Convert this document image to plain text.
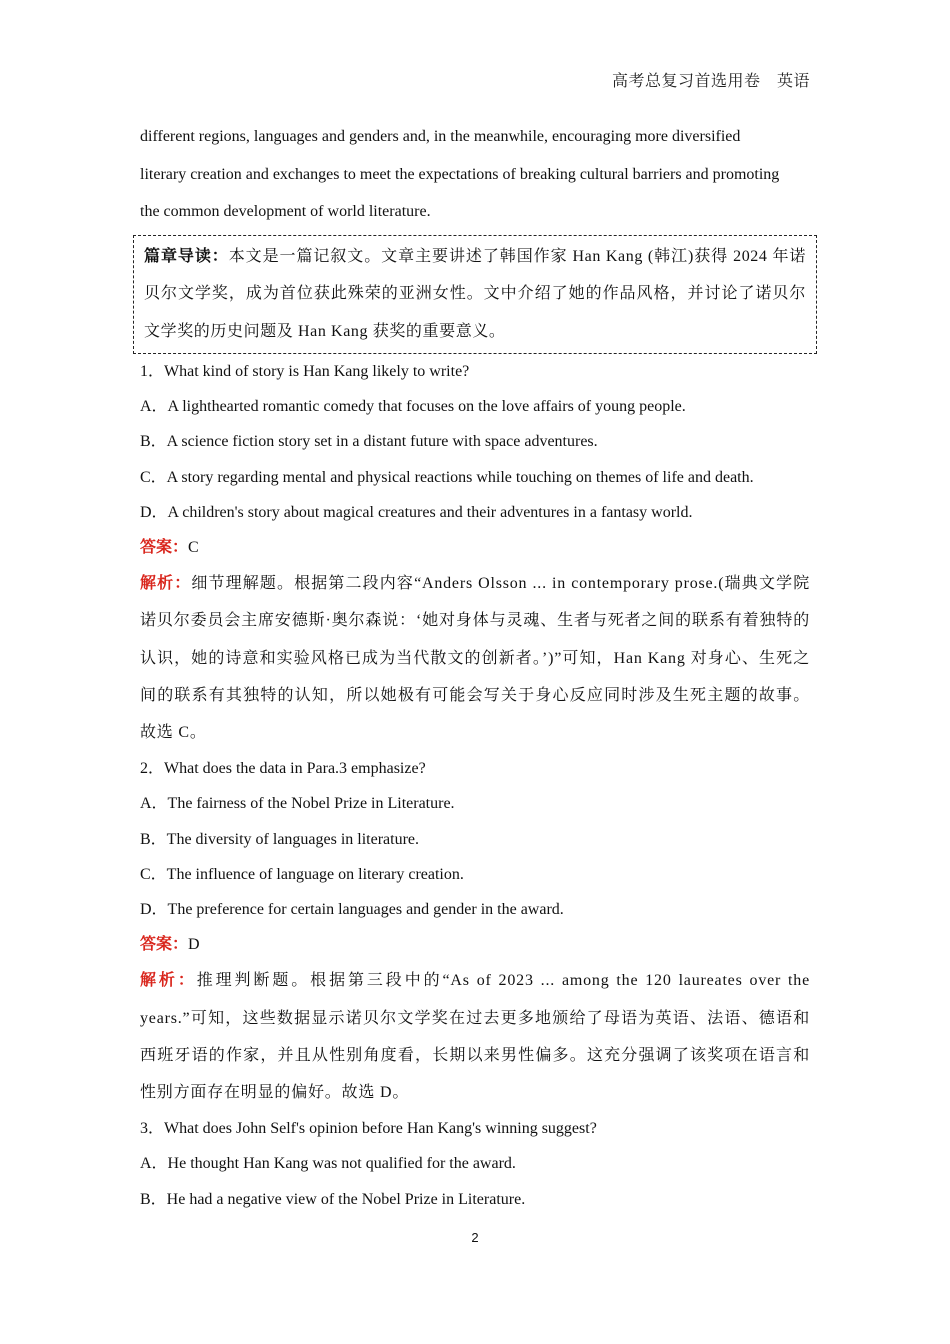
高考总复习首选用卷　英语

different regions, languages and genders and, in the meanwhile, encouraging more diversified

literary creation and exchanges to meet the expectations of breaking cultural barriers and promoting

the common development of world literature.

篇章导读：本文是一篇记叙文。文章主要讲述了韩国作家 Han Kang (韩江)获得 2024 年诺贝尔文学奖，成为首位获此殊荣的亚洲女性。文中介绍了她的作品风格，并讨论了诺贝尔文学奖的历史问题及 Han Kang 获奖的重要意义。

1．What kind of story is Han Kang likely to write?

A．A lighthearted romantic comedy that focuses on the love affairs of young people.

B．A science fiction story set in a distant future with space adventures.

C．A story regarding mental and physical reactions while touching on themes of life and death.

D．A children's story about magical creatures and their adventures in a fantasy world.

答案：C

解析：细节理解题。根据第二段内容“Anders Olsson ... in contemporary prose.(瑞典文学院诺贝尔委员会主席安德斯·奥尔森说：‘她对身体与灵魂、生者与死者之间的联系有着独特的认识，她的诗意和实验风格已成为当代散文的创新者。’)”可知，Han Kang 对身心、生死之间的联系有其独特的认知，所以她极有可能会写关于身心反应同时涉及生死主题的故事。故选 C。

2．What does the data in Para.3 emphasize?

A．The fairness of the Nobel Prize in Literature.

B．The diversity of languages in literature.

C．The influence of language on literary creation.

D．The preference for certain languages and gender in the award.

答案：D

解析：推理判断题。根据第三段中的“As of 2023 ... among the 120 laureates over the years.”可知，这些数据显示诺贝尔文学奖在过去更多地颁给了母语为英语、法语、德语和西班牙语的作家，并且从性别角度看，长期以来男性偏多。这充分强调了该奖项在语言和性别方面存在明显的偏好。故选 D。

3．What does John Self's opinion before Han Kang's winning suggest?

A．He thought Han Kang was not qualified for the award.

B．He had a negative view of the Nobel Prize in Literature.

2
